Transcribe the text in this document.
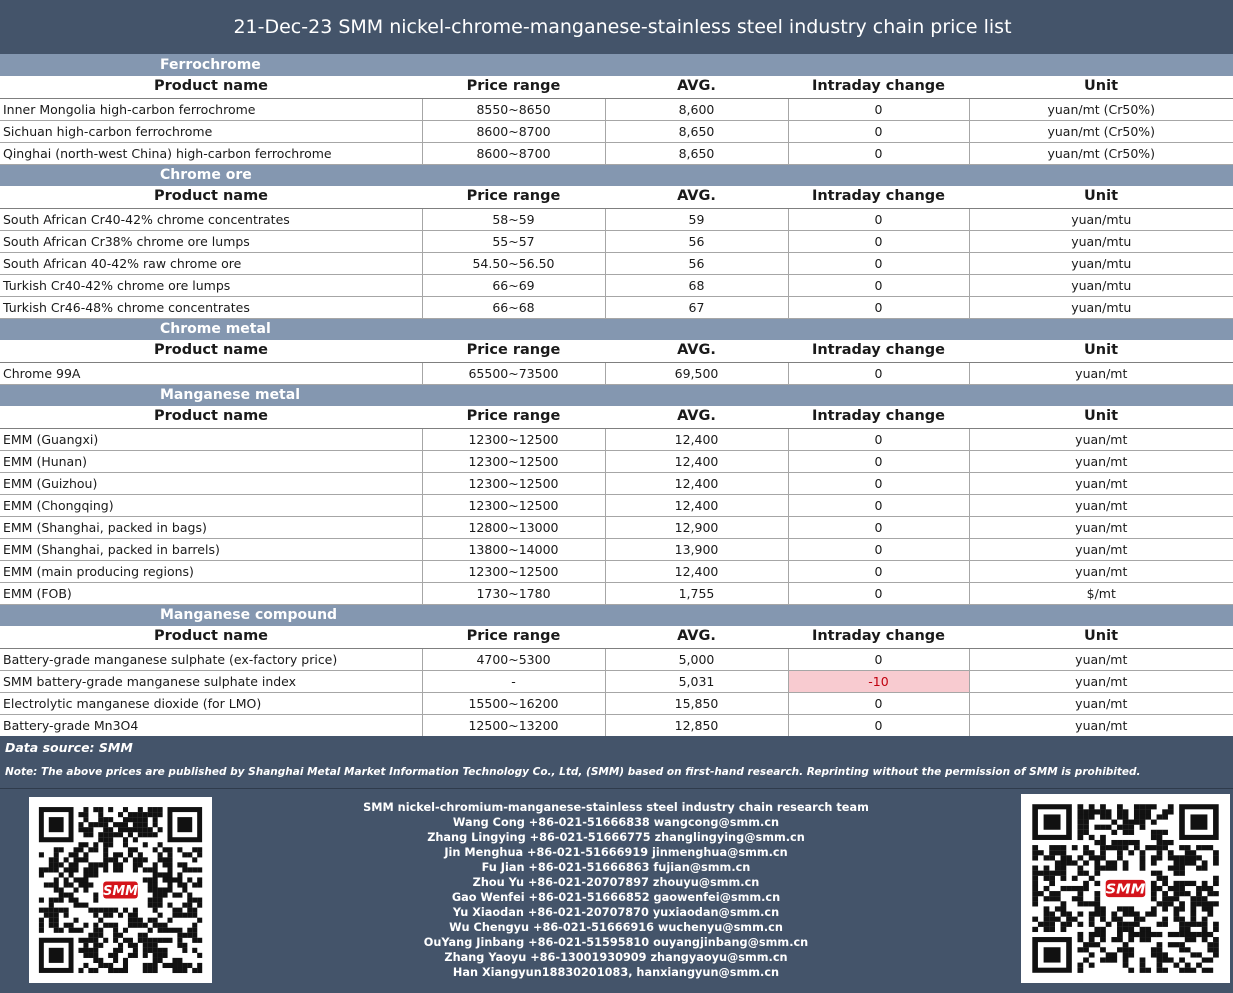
21-Dec-23 SMM nickel-chrome-manganese-stainless steel industry chain price list
Ferrochrome				
Product name	Price range	AVG.	Intraday change	Unit
Inner Mongolia high-carbon ferrochrome	8550~8650	8,600	0	yuan/mt (Cr50%)
Sichuan high-carbon ferrochrome	8600~8700	8,650	0	yuan/mt (Cr50%)
Qinghai (north-west China) high-carbon ferrochrome	8600~8700	8,650	0	yuan/mt (Cr50%)
Chrome ore				
Product name	Price range	AVG.	Intraday change	Unit
South African Cr40-42% chrome concentrates	58~59	59	0	yuan/mtu
South African Cr38% chrome ore lumps	55~57	56	0	yuan/mtu
South African 40-42% raw chrome ore	54.50~56.50	56	0	yuan/mtu
Turkish Cr40-42% chrome ore lumps	66~69	68	0	yuan/mtu
Turkish Cr46-48% chrome concentrates	66~68	67	0	yuan/mtu
Chrome metal				
Product name	Price range	AVG.	Intraday change	Unit
Chrome 99A	65500~73500	69,500	0	yuan/mt
Manganese metal				
Product name	Price range	AVG.	Intraday change	Unit
EMM (Guangxi)	12300~12500	12,400	0	yuan/mt
EMM (Hunan)	12300~12500	12,400	0	yuan/mt
EMM (Guizhou)	12300~12500	12,400	0	yuan/mt
EMM (Chongqing)	12300~12500	12,400	0	yuan/mt
EMM (Shanghai, packed in bags)	12800~13000	12,900	0	yuan/mt
EMM (Shanghai, packed in barrels)	13800~14000	13,900	0	yuan/mt
EMM (main producing regions)	12300~12500	12,400	0	yuan/mt
EMM (FOB)	1730~1780	1,755	0	$/mt
Manganese compound				
Product name	Price range	AVG.	Intraday change	Unit
Battery-grade manganese sulphate (ex-factory price)	4700~5300	5,000	0	yuan/mt
SMM battery-grade manganese sulphate index	-	5,031	-10	yuan/mt
Electrolytic manganese dioxide (for LMO)	15500~16200	15,850	0	yuan/mt
Battery-grade Mn3O4	12500~13200	12,850	0	yuan/mt
Data source: SMM
Note: The above prices are published by Shanghai Metal Market Information Technology Co., Ltd, (SMM) based on first-hand research. Reprinting without the permission of SMM is prohibited.
SMM
SMM nickel-chromium-manganese-stainless steel industry chain research team
Wang Cong +86-021-51666838 wangcong@smm.cn
Zhang Lingying +86-021-51666775 zhanglingying@smm.cn
Jin Menghua +86-021-51666919 jinmenghua@smm.cn
Fu Jian +86-021-51666863 fujian@smm.cn
Zhou Yu +86-021-20707897 zhouyu@smm.cn
Gao Wenfei +86-021-51666852 gaowenfei@smm.cn
Yu Xiaodan +86-021-20707870 yuxiaodan@smm.cn
Wu Chengyu +86-021-51666916 wuchenyu@smm.cn
OuYang Jinbang +86-021-51595810 ouyangjinbang@smm.cn
Zhang Yaoyu +86-13001930909 zhangyaoyu@smm.cn
Han Xiangyun18830201083, hanxiangyun@smm.cn
SMM
